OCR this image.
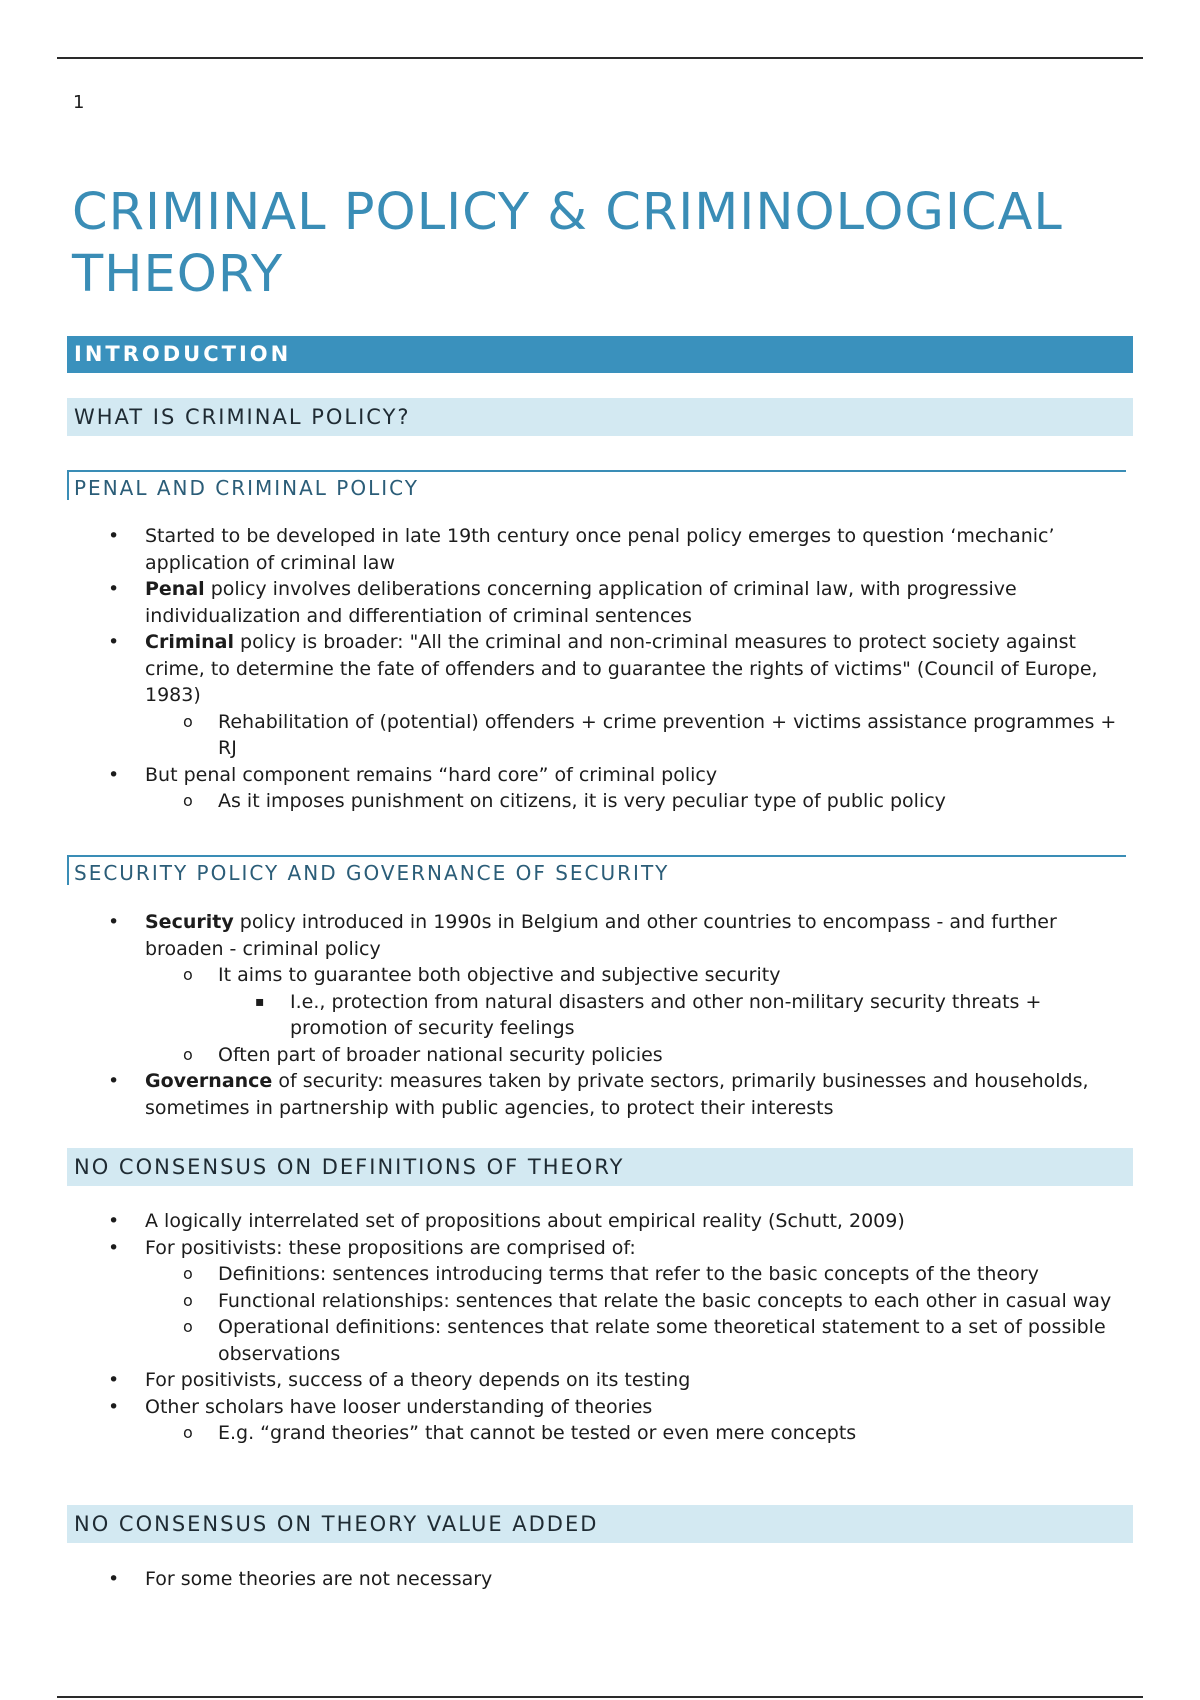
1
CRIMINAL POLICY & CRIMINOLOGICAL
THEORY
INTRODUCTION
WHAT IS CRIMINAL POLICY?
PENAL AND CRIMINAL POLICY
• Started to be developed in late 19th century once penal policy emerges to question ‘mechanic’ application of criminal law
• Penal policy involves deliberations concerning application of criminal law, with progressive individualization and differentiation of criminal sentences
• Criminal policy is broader: "All the criminal and non-criminal measures to protect society against crime, to determine the fate of offenders and to guarantee the rights of victims" (Council of Europe, 1983)
o Rehabilitation of (potential) offenders + crime prevention + victims assistance programmes + RJ
• But penal component remains “hard core” of criminal policy
o As it imposes punishment on citizens, it is very peculiar type of public policy
SECURITY POLICY AND GOVERNANCE OF SECURITY
• Security policy introduced in 1990s in Belgium and other countries to encompass - and further broaden - criminal policy
o It aims to guarantee both objective and subjective security
▪ I.e., protection from natural disasters and other non-military security threats + promotion of security feelings
o Often part of broader national security policies
• Governance of security: measures taken by private sectors, primarily businesses and households, sometimes in partnership with public agencies, to protect their interests
NO CONSENSUS ON DEFINITIONS OF THEORY
• A logically interrelated set of propositions about empirical reality (Schutt, 2009)
• For positivists: these propositions are comprised of:
o Definitions: sentences introducing terms that refer to the basic concepts of the theory
o Functional relationships: sentences that relate the basic concepts to each other in casual way
o Operational definitions: sentences that relate some theoretical statement to a set of possible observations
• For positivists, success of a theory depends on its testing
• Other scholars have looser understanding of theories
o E.g. “grand theories” that cannot be tested or even mere concepts
NO CONSENSUS ON THEORY VALUE ADDED
• For some theories are not necessary
